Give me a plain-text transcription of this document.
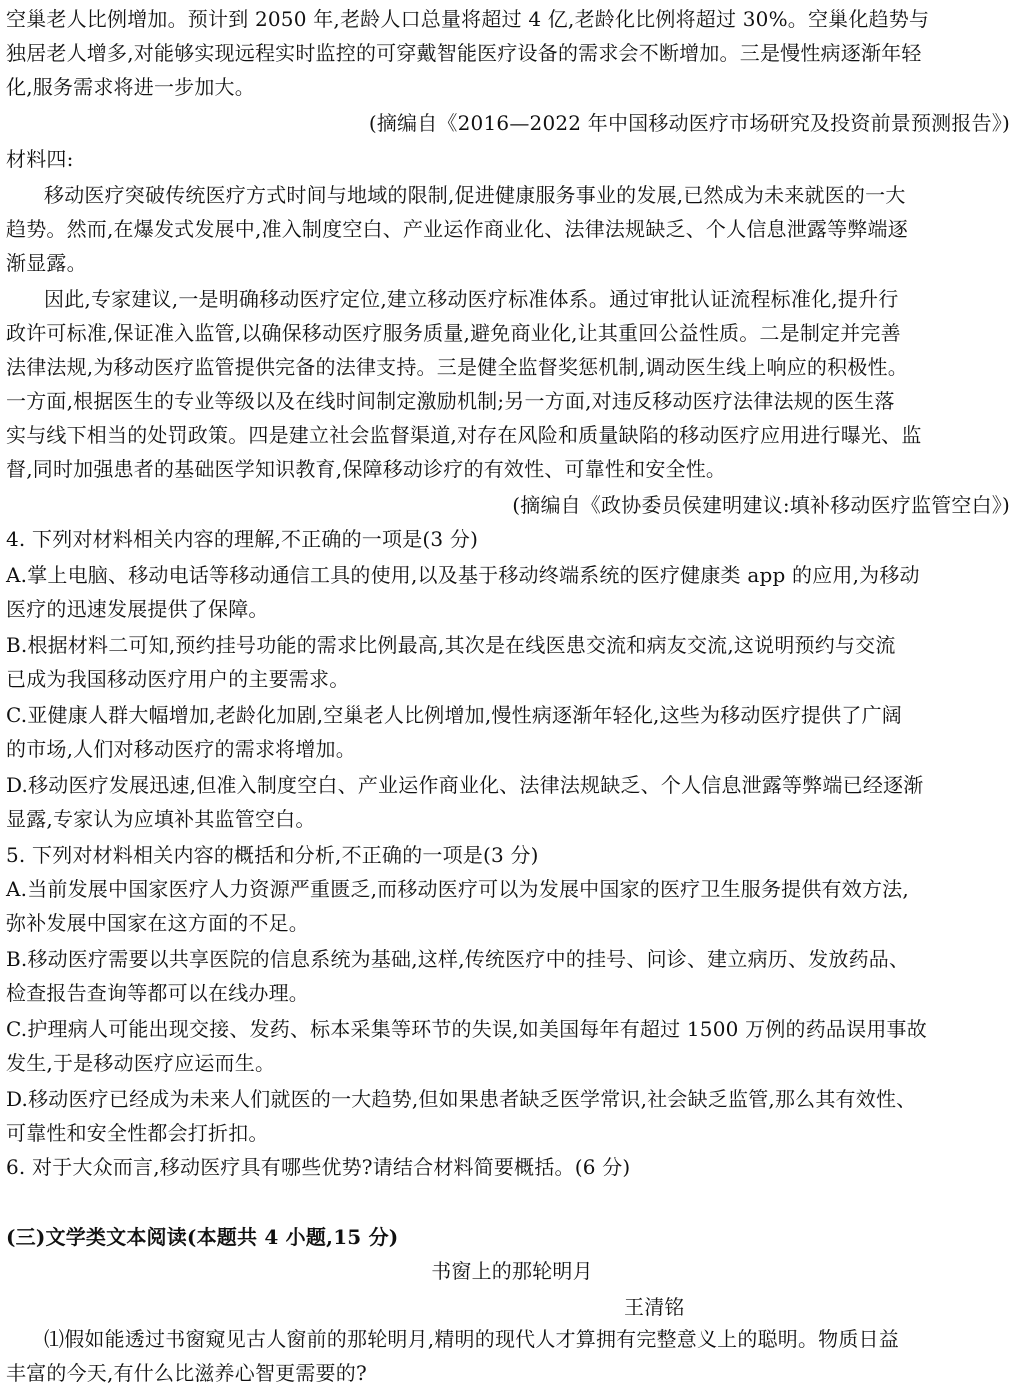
空巢老人比例增加。预计到 2050 年,老龄人口总量将超过 4 亿,老龄化比例将超过 30%。空巢化趋势与
独居老人增多,对能够实现远程实时监控的可穿戴智能医疗设备的需求会不断增加。三是慢性病逐渐年轻
化,服务需求将进一步加大。
(摘编自《2016—2022 年中国移动医疗市场研究及投资前景预测报告》)
材料四:
移动医疗突破传统医疗方式时间与地域的限制,促进健康服务事业的发展,已然成为未来就医的一大
趋势。然而,在爆发式发展中,准入制度空白、产业运作商业化、法律法规缺乏、个人信息泄露等弊端逐
渐显露。
因此,专家建议,一是明确移动医疗定位,建立移动医疗标准体系。通过审批认证流程标准化,提升行
政许可标准,保证准入监管,以确保移动医疗服务质量,避免商业化,让其重回公益性质。二是制定并完善
法律法规,为移动医疗监管提供完备的法律支持。三是健全监督奖惩机制,调动医生线上响应的积极性。
一方面,根据医生的专业等级以及在线时间制定激励机制;另一方面,对违反移动医疗法律法规的医生落
实与线下相当的处罚政策。四是建立社会监督渠道,对存在风险和质量缺陷的移动医疗应用进行曝光、监
督,同时加强患者的基础医学知识教育,保障移动诊疗的有效性、可靠性和安全性。
(摘编自《政协委员侯建明建议:填补移动医疗监管空白》)
4. 下列对材料相关内容的理解,不正确的一项是(3 分)
A.掌上电脑、移动电话等移动通信工具的使用,以及基于移动终端系统的医疗健康类 app 的应用,为移动
医疗的迅速发展提供了保障。
B.根据材料二可知,预约挂号功能的需求比例最高,其次是在线医患交流和病友交流,这说明预约与交流
已成为我国移动医疗用户的主要需求。
C.亚健康人群大幅增加,老龄化加剧,空巢老人比例增加,慢性病逐渐年轻化,这些为移动医疗提供了广阔
的市场,人们对移动医疗的需求将增加。
D.移动医疗发展迅速,但准入制度空白、产业运作商业化、法律法规缺乏、个人信息泄露等弊端已经逐渐
显露,专家认为应填补其监管空白。
5. 下列对材料相关内容的概括和分析,不正确的一项是(3 分)
A.当前发展中国家医疗人力资源严重匮乏,而移动医疗可以为发展中国家的医疗卫生服务提供有效方法,
弥补发展中国家在这方面的不足。
B.移动医疗需要以共享医院的信息系统为基础,这样,传统医疗中的挂号、问诊、建立病历、发放药品、
检查报告查询等都可以在线办理。
C.护理病人可能出现交接、发药、标本采集等环节的失误,如美国每年有超过 1500 万例的药品误用事故
发生,于是移动医疗应运而生。
D.移动医疗已经成为未来人们就医的一大趋势,但如果患者缺乏医学常识,社会缺乏监管,那么其有效性、
可靠性和安全性都会打折扣。
6. 对于大众而言,移动医疗具有哪些优势?请结合材料简要概括。(6 分)
(三)文学类文本阅读(本题共 4 小题,15 分)
书窗上的那轮明月
王清铭
⑴假如能透过书窗窥见古人窗前的那轮明月,精明的现代人才算拥有完整意义上的聪明。物质日益
丰富的今天,有什么比滋养心智更需要的?
